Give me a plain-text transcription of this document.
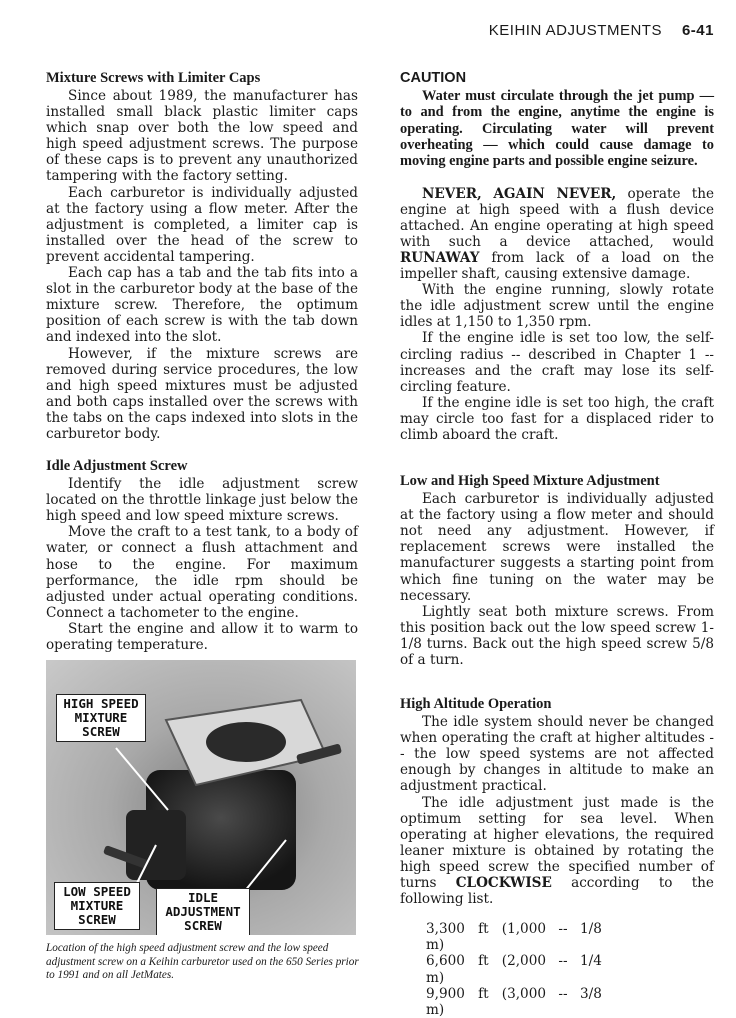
KEIHIN ADJUSTMENTS 6-41
Mixture Screws with Limiter Caps

Since about 1989, the manufacturer has installed small black plastic limiter caps which snap over both the low speed and high speed adjustment screws. The purpose of these caps is to prevent any unauthorized tampering with the factory setting.

Each carburetor is individually adjusted at the factory using a flow meter. After the adjustment is completed, a limiter cap is installed over the head of the screw to prevent accidental tampering.

Each cap has a tab and the tab fits into a slot in the carburetor body at the base of the mixture screw. Therefore, the optimum position of each screw is with the tab down and indexed into the slot.

However, if the mixture screws are removed during service procedures, the low and high speed mixtures must be adjusted and both caps installed over the screws with the tabs on the caps indexed into slots in the carburetor body.

Idle Adjustment Screw

Identify the idle adjustment screw located on the throttle linkage just below the high speed and low speed mixture screws.

Move the craft to a test tank, to a body of water, or connect a flush attachment and hose to the engine. For maximum performance, the idle rpm should be adjusted under actual operating conditions. Connect a tachometer to the engine.

Start the engine and allow it to warm to operating temperature.

HIGH SPEED
MIXTURE
SCREW
LOW SPEED
MIXTURE
SCREW
IDLE
ADJUSTMENT
SCREW
Location of the high speed adjustment screw and the low speed adjustment screw on a Keihin carburetor used on the 650 Series prior to 1991 and on all JetMates.
CAUTION

Water must circulate through the jet pump — to and from the engine, anytime the engine is operating. Circulating water will prevent overheating — which could cause damage to moving engine parts and possible engine seizure.

NEVER, AGAIN NEVER, operate the engine at high speed with a flush device attached. An engine operating at high speed with such a device attached, would RUNAWAY from lack of a load on the impeller shaft, causing extensive damage.

With the engine running, slowly rotate the idle adjustment screw until the engine idles at 1,150 to 1,350 rpm.

If the engine idle is set too low, the self-circling radius -- described in Chapter 1 -- increases and the craft may lose its self-circling feature.

If the engine idle is set too high, the craft may circle too fast for a displaced rider to climb aboard the craft.

Low and High Speed Mixture Adjustment

Each carburetor is individually adjusted at the factory using a flow meter and should not need any adjustment. However, if replacement screws were installed the manufacturer suggests a starting point from which fine tuning on the water may be necessary.

Lightly seat both mixture screws. From this position back out the low speed screw 1-1/8 turns. Back out the high speed screw 5/8 of a turn.

High Altitude Operation

The idle system should never be changed when operating the craft at higher altitudes -- the low speed systems are not affected enough by changes in altitude to make an adjustment practical.

The idle adjustment just made is the optimum setting for sea level. When operating at higher elevations, the required leaner mixture is obtained by rotating the high speed screw the specified number of turns CLOCKWISE according to the following list.

3,300 ft (1,000 m)
-- 1/8
6,600 ft (2,000 m)
-- 1/4
9,900 ft (3,000 m)
-- 3/8
